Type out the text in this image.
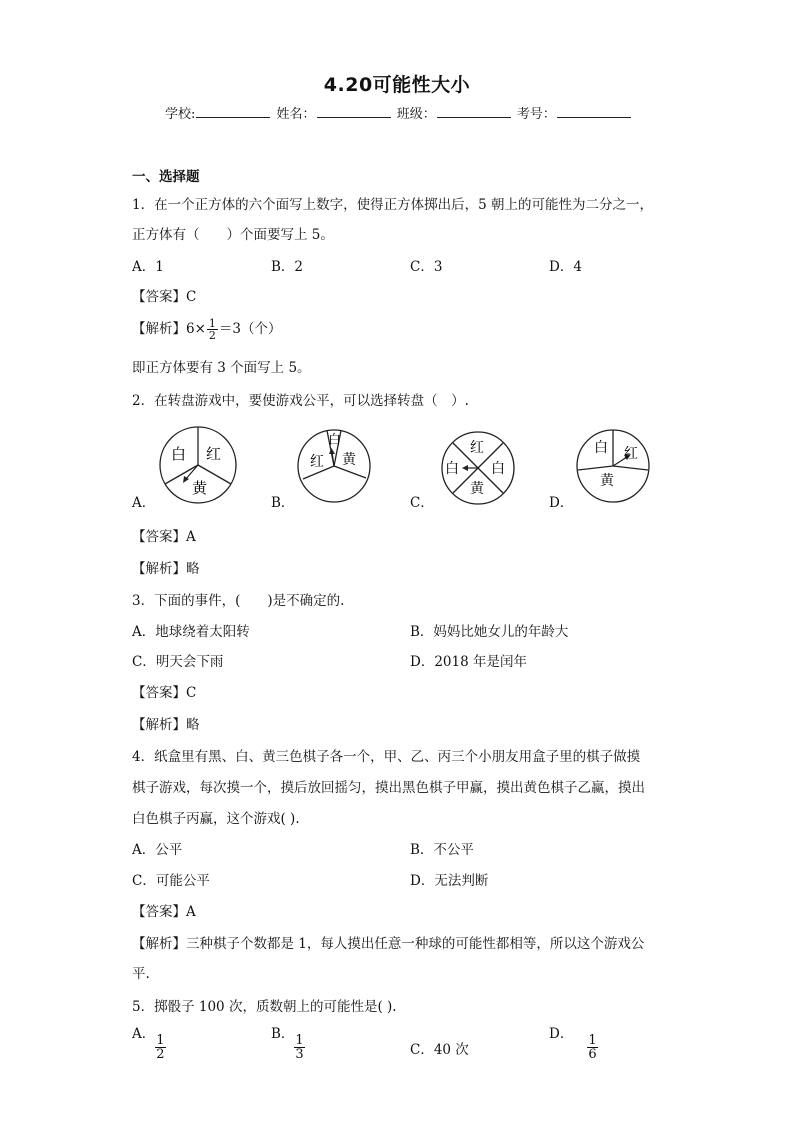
4.20可能性大小
学校:	姓名：	班级：	考号：
一、选择题
1．在一个正方体的六个面写上数字，使得正方体掷出后，5 朝上的可能性为二分之一，
正方体有（　　）个面要写上 5。
A．1	B．2	C．3	D．4
【答案】C
【解析】$6\times \frac{1}{2} =3$（个）
即正方体要有 3 个面写上 5。
2．在转盘游戏中，要使游戏公平，可以选择转盘（　）.
A．
白 红
黄
B．
白
红 黄
C．
红
白 白
黄
D．
白 红
黄
【答案】A
【解析】略
3．下面的事件，(　　)是不确定的.
A．地球绕着太阳转	B．妈妈比她女儿的年龄大
C．明天会下雨	D．2018 年是闰年
【答案】C
【解析】略
4．纸盒里有黑、白、黄三色棋子各一个，甲、乙、丙三个小朋友用盒子里的棋子做摸
棋子游戏，每次摸一个，摸后放回摇匀，摸出黑色棋子甲赢，摸出黄色棋子乙赢，摸出
白色棋子丙赢，这个游戏( ).
A．公平	B．不公平
C．可能公平	D．无法判断
【答案】A
【解析】三种棋子个数都是 1，每人摸出任意一种球的可能性都相等，所以这个游戏公
平.
5．掷骰子 100 次，质数朝上的可能性是( ).
A． $\frac{1}{2}$	B． $\frac{1}{3}$	C．40 次
D． $\frac{1}{6}$
